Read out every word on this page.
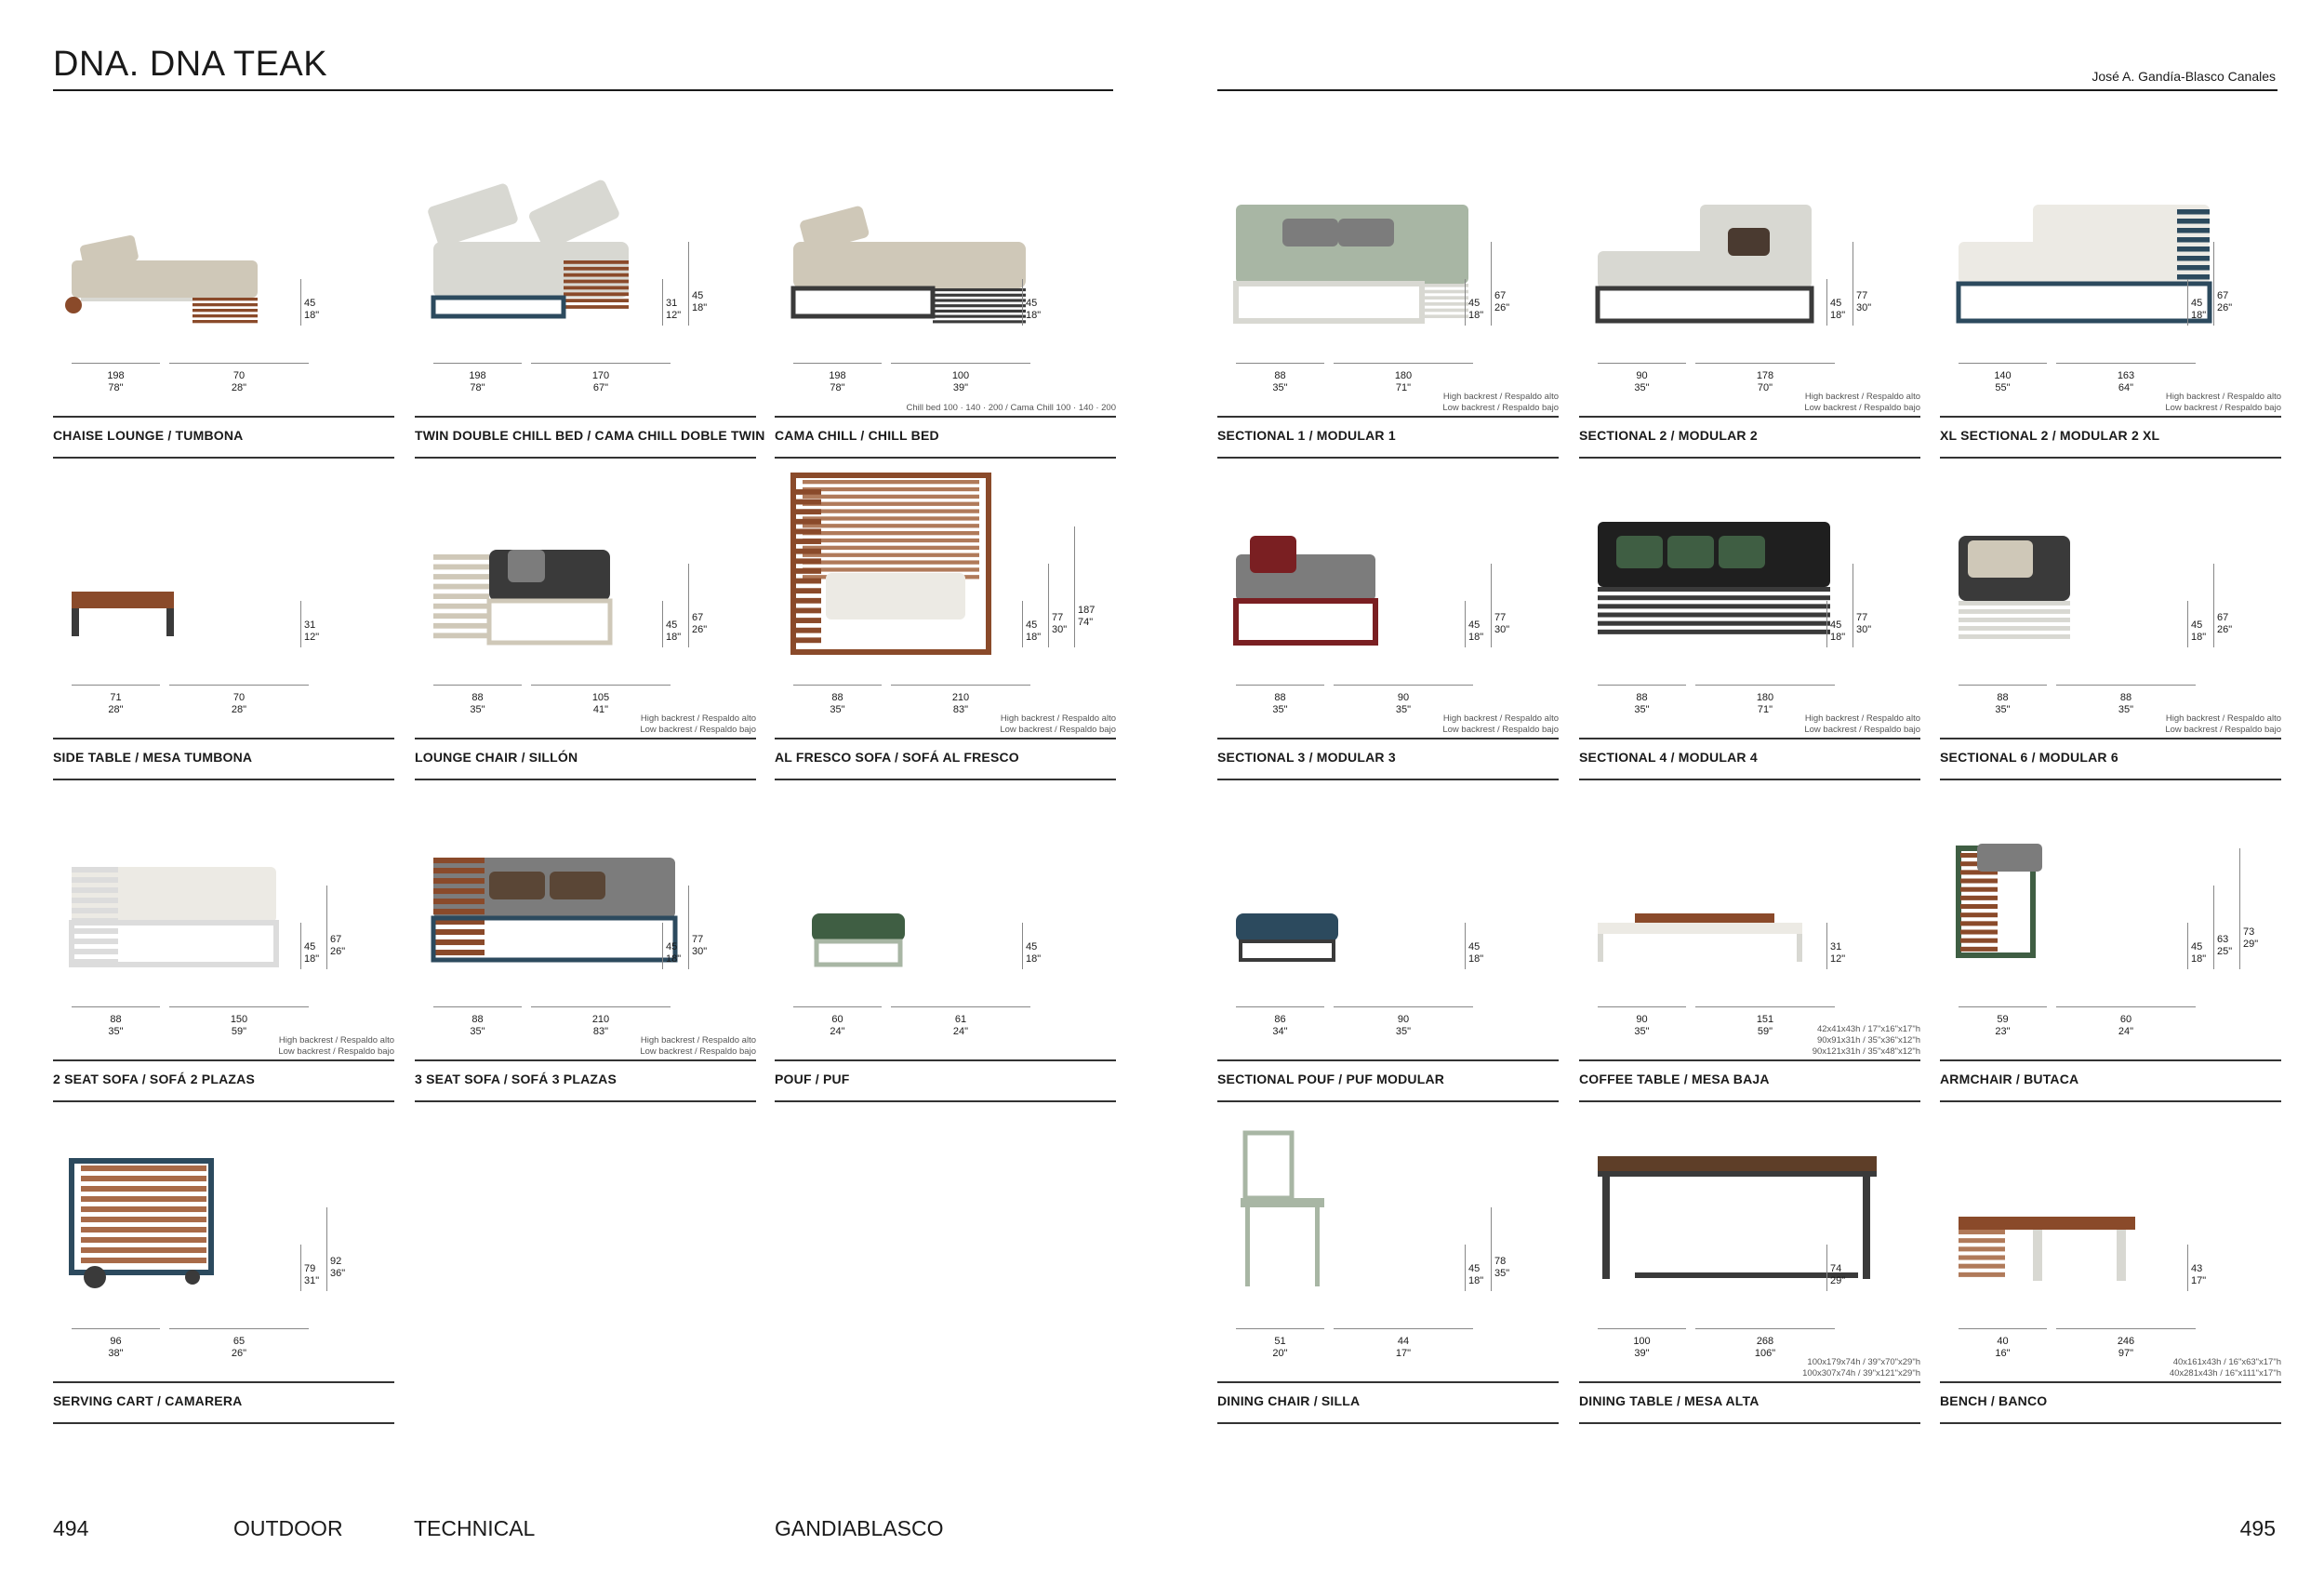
DNA. DNA TEAK	José A. Gandía-Blasco Canales
45
18"
198
78"
70
28"
CHAISE LOUNGE / TUMBONA
31
12"
45
18"
198
78"
170
67"
TWIN DOUBLE CHILL BED / CAMA CHILL DOBLE TWIN
45
18"
198
78"
100
39"
Chill bed 100 · 140 · 200 / Cama Chill 100 · 140 · 200
CAMA CHILL / CHILL BED
45
18"
67
26"
88
35"
180
71"
High backrest / Respaldo alto
Low backrest / Respaldo bajo
SECTIONAL 1 / MODULAR 1
45
18"
77
30"
90
35"
178
70"
High backrest / Respaldo alto
Low backrest / Respaldo bajo
SECTIONAL 2 / MODULAR 2
45
18"
67
26"
140
55"
163
64"
High backrest / Respaldo alto
Low backrest / Respaldo bajo
XL SECTIONAL 2 / MODULAR 2 XL
31
12"
71
28"
70
28"
SIDE TABLE / MESA TUMBONA
45
18"
67
26"
88
35"
105
41"
High backrest / Respaldo alto
Low backrest / Respaldo bajo
LOUNGE CHAIR / SILLÓN
45
18"
77
30"
187
74"
88
35"
210
83"
High backrest / Respaldo alto
Low backrest / Respaldo bajo
AL FRESCO SOFA / SOFÁ AL FRESCO
45
18"
77
30"
88
35"
90
35"
High backrest / Respaldo alto
Low backrest / Respaldo bajo
SECTIONAL 3 / MODULAR 3
45
18"
77
30"
88
35"
180
71"
High backrest / Respaldo alto
Low backrest / Respaldo bajo
SECTIONAL 4 / MODULAR 4
45
18"
67
26"
88
35"
88
35"
High backrest / Respaldo alto
Low backrest / Respaldo bajo
SECTIONAL 6 / MODULAR 6
45
18"
67
26"
88
35"
150
59"
High backrest / Respaldo alto
Low backrest / Respaldo bajo
2 SEAT SOFA / SOFÁ 2 PLAZAS
45
18"
77
30"
88
35"
210
83"
High backrest / Respaldo alto
Low backrest / Respaldo bajo
3 SEAT SOFA / SOFÁ 3 PLAZAS
45
18"
60
24"
61
24"
POUF / PUF
45
18"
86
34"
90
35"
SECTIONAL POUF / PUF MODULAR
31
12"
90
35"
151
59"	42x41x43h / 17"x16"x17"h
90x91x31h / 35"x36"x12"h
90x121x31h / 35"x48"x12"h
COFFEE TABLE / MESA BAJA
45
18"
63
25"
73
29"
59
23"
60
24"
ARMCHAIR / BUTACA
79
31"
92
36"
96
38"
65
26"
SERVING CART / CAMARERA
45
18"
78
35"
51
20"
44
17"
DINING CHAIR / SILLA
74
29"
100
39"
268
106"
100x179x74h / 39"x70"x29"h
100x307x74h / 39"x121"x29"h
DINING TABLE / MESA ALTA
43
17"
40
16"
246
97"
40x161x43h / 16"x63"x17"h
40x281x43h / 16"x111"x17"h
BENCH / BANCO
494	OUTDOOR	TECHNICAL	GANDIABLASCO	495
